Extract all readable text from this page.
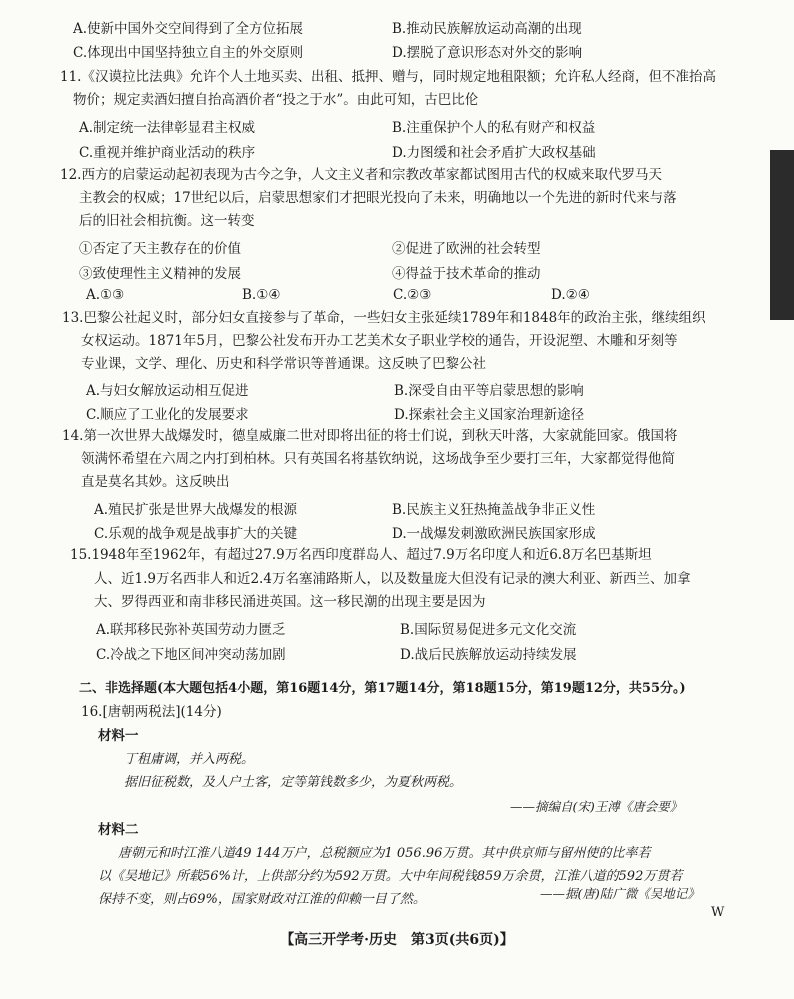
A.使新中国外交空间得到了全方位拓展	B.推动民族解放运动高潮的出现
C.体现出中国坚持独立自主的外交原则	D.摆脱了意识形态对外交的影响
11.《汉谟拉比法典》允许个人土地买卖、出租、抵押、赠与，同时规定地租限额；允许私人经商，但不准抬高
物价；规定卖酒妇擅自抬高酒价者“投之于水”。由此可知，古巴比伦
A.制定统一法律彰显君主权威	B.注重保护个人的私有财产和权益
C.重视并维护商业活动的秩序	D.力图缓和社会矛盾扩大政权基础
12.西方的启蒙运动起初表现为古今之争，人文主义者和宗教改革家都试图用古代的权威来取代罗马天
主教会的权威；17世纪以后，启蒙思想家们才把眼光投向了未来，明确地以一个先进的新时代来与落
后的旧社会相抗衡。这一转变
①否定了天主教存在的价值	②促进了欧洲的社会转型
③致使理性主义精神的发展	④得益于技术革命的推动
A.①③	B.①④	C.②③	D.②④
13.巴黎公社起义时，部分妇女直接参与了革命，一些妇女主张延续1789年和1848年的政治主张，继续组织
女权运动。1871年5月，巴黎公社发布开办工艺美术女子职业学校的通告，开设泥塑、木雕和牙刻等
专业课，文学、理化、历史和科学常识等普通课。这反映了巴黎公社
A.与妇女解放运动相互促进	B.深受自由平等启蒙思想的影响
C.顺应了工业化的发展要求	D.探索社会主义国家治理新途径
14.第一次世界大战爆发时，德皇威廉二世对即将出征的将士们说，到秋天叶落，大家就能回家。俄国将
领满怀希望在六周之内打到柏林。只有英国名将基钦纳说，这场战争至少要打三年，大家都觉得他简
直是莫名其妙。这反映出
A.殖民扩张是世界大战爆发的根源	B.民族主义狂热掩盖战争非正义性
C.乐观的战争观是战事扩大的关键	D.一战爆发刺激欧洲民族国家形成
15.1948年至1962年，有超过27.9万名西印度群岛人、超过7.9万名印度人和近6.8万名巴基斯坦
人、近1.9万名西非人和近2.4万名塞浦路斯人，以及数量庞大但没有记录的澳大利亚、新西兰、加拿
大、罗得西亚和南非移民涌进英国。这一移民潮的出现主要是因为
A.联邦移民弥补英国劳动力匮乏	B.国际贸易促进多元文化交流
C.冷战之下地区间冲突动荡加剧	D.战后民族解放运动持续发展
二、非选择题(本大题包括4小题，第16题14分，第17题14分，第18题15分，第19题12分，共55分。)
16.[唐朝两税法](14分)
材料一
丁租庸调，并入两税。
据旧征税数，及人户土客，定等第钱数多少，为夏秋两税。
——摘编自(宋)王溥《唐会要》
材料二
唐朝元和时江淮八道49 144万户，总税额应为1 056.96万贯。其中供京师与留州使的比率若
以《吴地记》所载56%计，上供部分约为592万贯。大中年间税钱859万余贯，江淮八道的592万贯若
保持不变，则占69%，国家财政对江淮的仰赖一目了然。	——据(唐)陆广微《吴地记》
W
【高三开学考·历史　第3页(共6页)】
